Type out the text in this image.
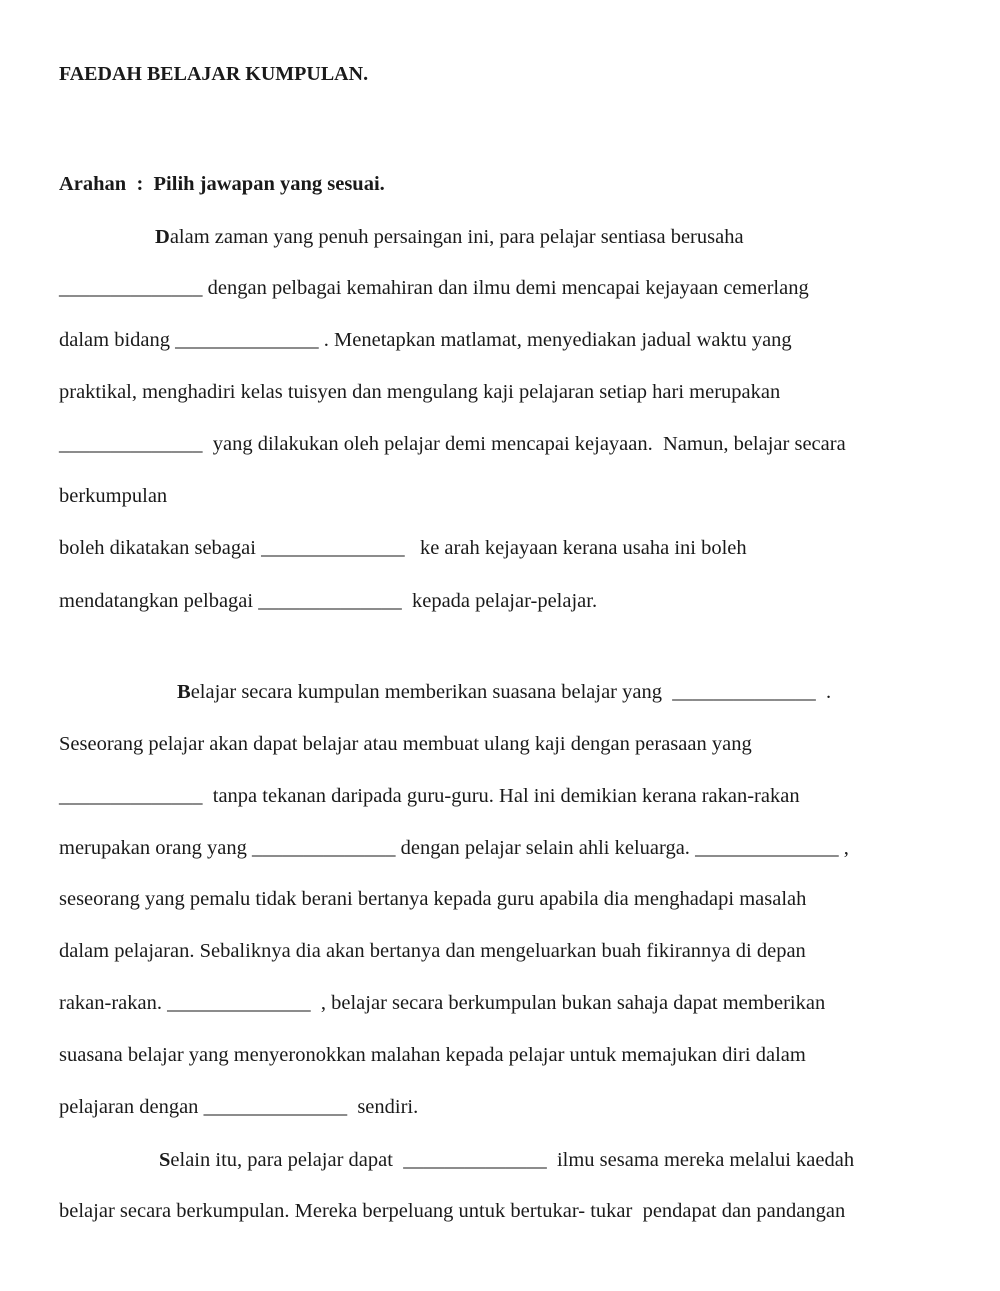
FAEDAH BELAJAR KUMPULAN.
Arahan  :  Pilih jawapan yang sesuai.
Dalam zaman yang penuh persaingan ini, para pelajar sentiasa berusaha
______________ dengan pelbagai kemahiran dan ilmu demi mencapai kejayaan cemerlang
dalam bidang ______________ . Menetapkan matlamat, menyediakan jadual waktu yang
praktikal, menghadiri kelas tuisyen dan mengulang kaji pelajaran setiap hari merupakan
______________  yang dilakukan oleh pelajar demi mencapai kejayaan.  Namun, belajar secara
berkumpulan
boleh dikatakan sebagai ______________   ke arah kejayaan kerana usaha ini boleh
mendatangkan pelbagai ______________  kepada pelajar-pelajar.
Belajar secara kumpulan memberikan suasana belajar yang  ______________  .
Seseorang pelajar akan dapat belajar atau membuat ulang kaji dengan perasaan yang
______________  tanpa tekanan daripada guru-guru. Hal ini demikian kerana rakan-rakan
merupakan orang yang ______________ dengan pelajar selain ahli keluarga. ______________ ,
seseorang yang pemalu tidak berani bertanya kepada guru apabila dia menghadapi masalah
dalam pelajaran. Sebaliknya dia akan bertanya dan mengeluarkan buah fikirannya di depan
rakan-rakan. ______________  , belajar secara berkumpulan bukan sahaja dapat memberikan
suasana belajar yang menyeronokkan malahan kepada pelajar untuk memajukan diri dalam
pelajaran dengan ______________  sendiri.
Selain itu, para pelajar dapat  ______________  ilmu sesama mereka melalui kaedah
belajar secara berkumpulan. Mereka berpeluang untuk bertukar- tukar  pendapat dan pandangan
